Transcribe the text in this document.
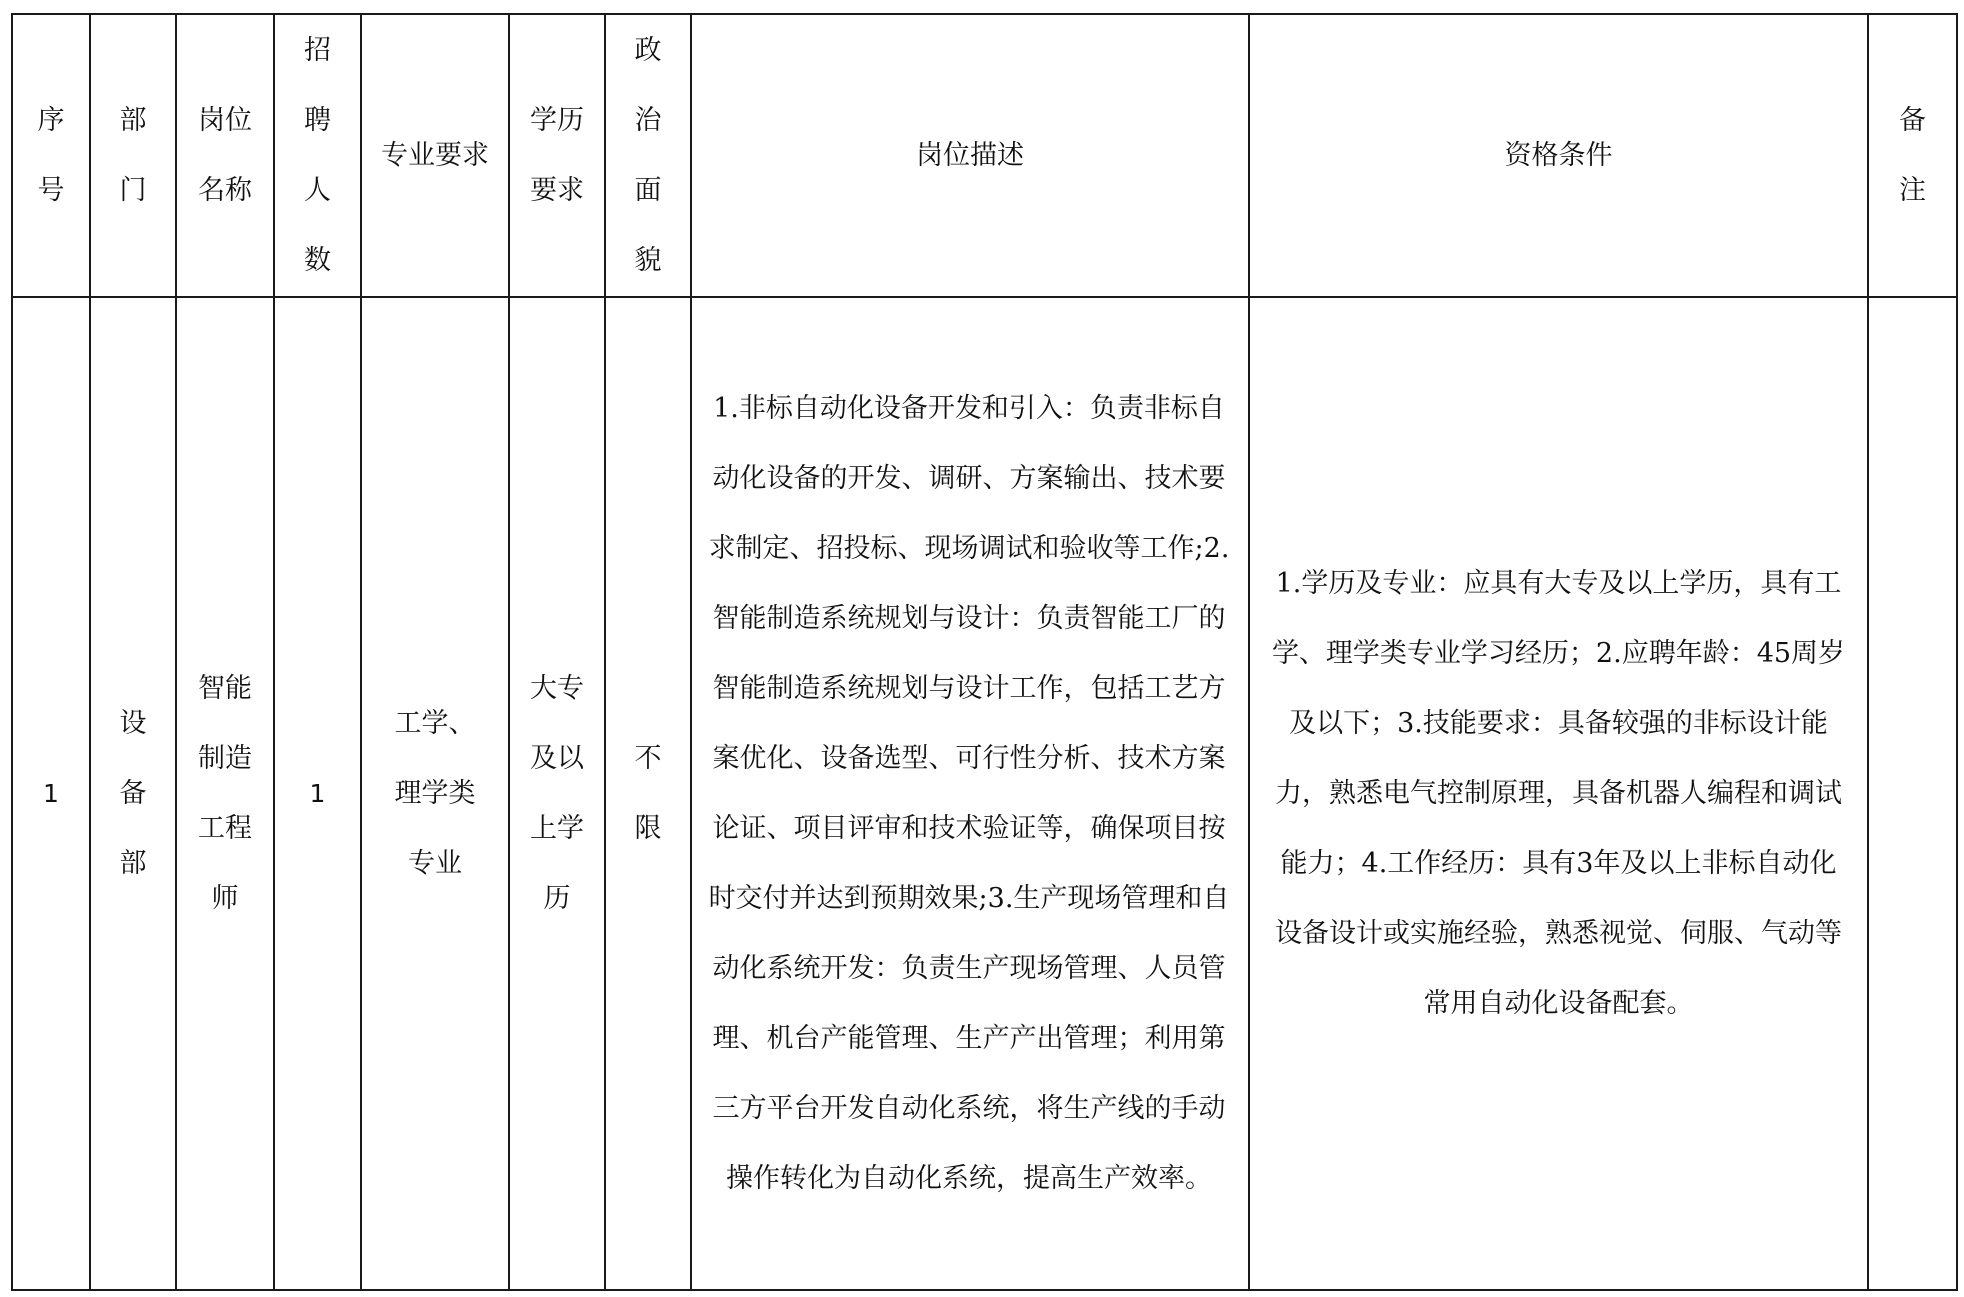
序号	部门	岗位名称	招聘人数	专业要求	学历要求	政治面貌	岗位描述	资格条件	备注

1	设备部	智能制造工程师	1	工学、理学类专业	大专及以上学历	不限	1.非标自动化设备开发和引入：负责非标自动化设备的开发、调研、方案输出、技术要求制定、招投标、现场调试和验收等工作;2.智能制造系统规划与设计：负责智能工厂的智能制造系统规划与设计工作，包括工艺方案优化、设备选型、可行性分析、技术方案论证、项目评审和技术验证等，确保项目按时交付并达到预期效果;3.生产现场管理和自动化系统开发：负责生产现场管理、人员管理、机台产能管理、生产产出管理；利用第三方平台开发自动化系统，将生产线的手动操作转化为自动化系统，提高生产效率。	1.学历及专业：应具有大专及以上学历，具有工学、理学类专业学习经历；2.应聘年龄：45周岁及以下；3.技能要求：具备较强的非标设计能力，熟悉电气控制原理，具备机器人编程和调试能力；4.工作经历：具有3年及以上非标自动化设备设计或实施经验，熟悉视觉、伺服、气动等常用自动化设备配套。	
